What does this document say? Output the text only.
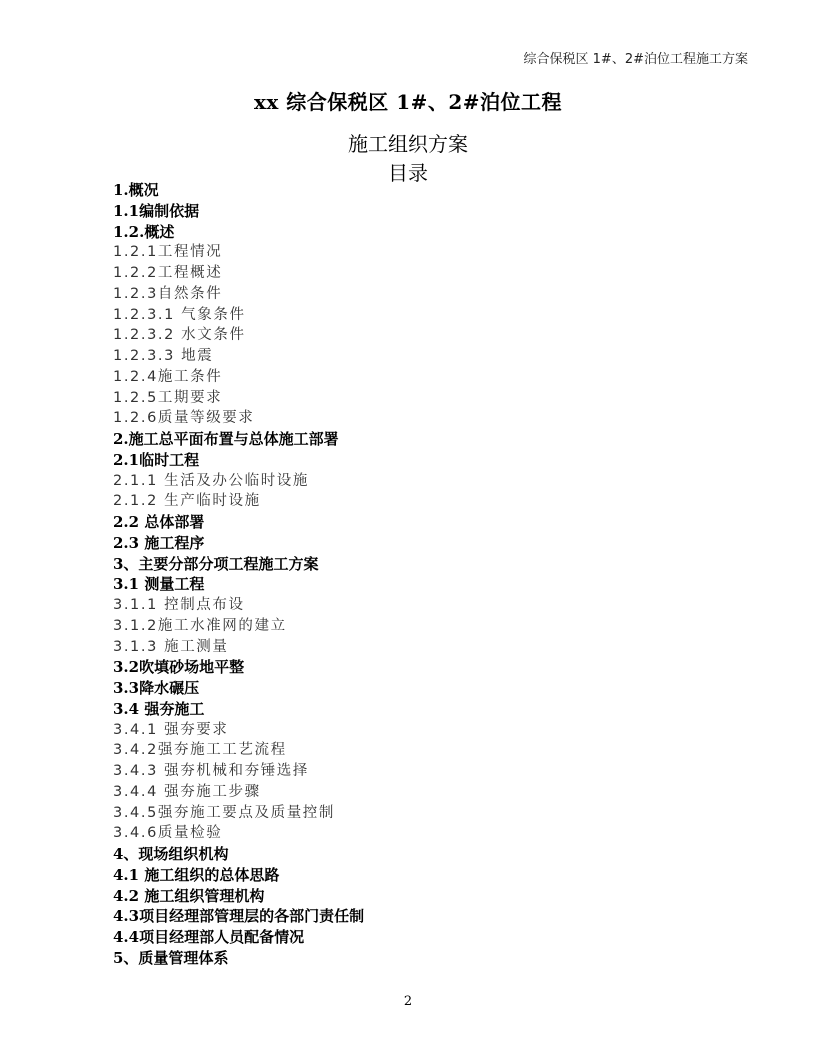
综合保税区 1#、2#泊位工程施工方案
xx 综合保税区 1#、2#泊位工程
施工组织方案
目录
1.概况
1.1编制依据
1.2.概述
1.2.1工程情况
1.2.2工程概述
1.2.3自然条件
1.2.3.1 气象条件
1.2.3.2 水文条件
1.2.3.3 地震
1.2.4施工条件
1.2.5工期要求
1.2.6质量等级要求
2.施工总平面布置与总体施工部署
2.1临时工程
2.1.1 生活及办公临时设施
2.1.2 生产临时设施
2.2 总体部署
2.3 施工程序
3、主要分部分项工程施工方案
3.1 测量工程
3.1.1 控制点布设
3.1.2施工水准网的建立
3.1.3 施工测量
3.2吹填砂场地平整
3.3降水碾压
3.4 强夯施工
3.4.1 强夯要求
3.4.2强夯施工工艺流程
3.4.3 强夯机械和夯锤选择
3.4.4 强夯施工步骤
3.4.5强夯施工要点及质量控制
3.4.6质量检验
4、现场组织机构
4.1 施工组织的总体思路
4.2 施工组织管理机构
4.3项目经理部管理层的各部门责任制
4.4项目经理部人员配备情况
5、质量管理体系
2
